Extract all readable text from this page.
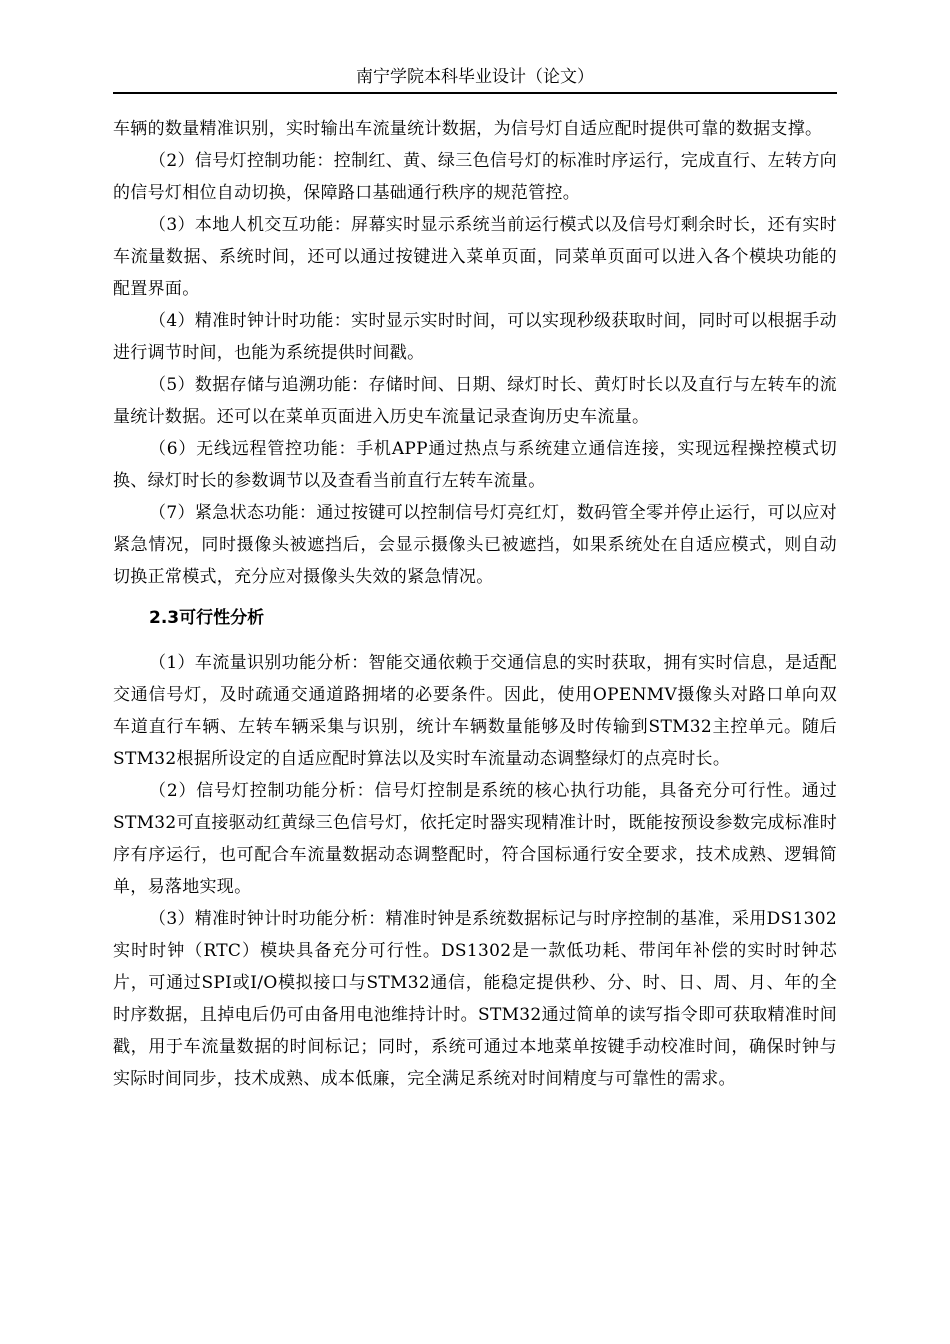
南宁学院本科毕业设计（论文）

车辆的数量精准识别，实时输出车流量统计数据，为信号灯自适应配时提供可靠的数据支撑。

（2）信号灯控制功能：控制红、黄、绿三色信号灯的标准时序运行，完成直行、左转方向的信号灯相位自动切换，保障路口基础通行秩序的规范管控。

（3）本地人机交互功能：屏幕实时显示系统当前运行模式以及信号灯剩余时长，还有实时车流量数据、系统时间，还可以通过按键进入菜单页面，同菜单页面可以进入各个模块功能的配置界面。

（4）精准时钟计时功能：实时显示实时时间，可以实现秒级获取时间，同时可以根据手动进行调节时间，也能为系统提供时间戳。

（5）数据存储与追溯功能：存储时间、日期、绿灯时长、黄灯时长以及直行与左转车的流量统计数据。还可以在菜单页面进入历史车流量记录查询历史车流量。

（6）无线远程管控功能：手机APP通过热点与系统建立通信连接，实现远程操控模式切换、绿灯时长的参数调节以及查看当前直行左转车流量。

（7）紧急状态功能：通过按键可以控制信号灯亮红灯，数码管全零并停止运行，可以应对紧急情况，同时摄像头被遮挡后，会显示摄像头已被遮挡，如果系统处在自适应模式，则自动切换正常模式，充分应对摄像头失效的紧急情况。

2.3可行性分析

（1）车流量识别功能分析：智能交通依赖于交通信息的实时获取，拥有实时信息，是适配交通信号灯，及时疏通交通道路拥堵的必要条件。因此，使用OPENMV摄像头对路口单向双车道直行车辆、左转车辆采集与识别，统计车辆数量能够及时传输到STM32主控单元。随后STM32根据所设定的自适应配时算法以及实时车流量动态调整绿灯的点亮时长。

（2）信号灯控制功能分析：信号灯控制是系统的核心执行功能，具备充分可行性。通过STM32可直接驱动红黄绿三色信号灯，依托定时器实现精准计时，既能按预设参数完成标准时序有序运行，也可配合车流量数据动态调整配时，符合国标通行安全要求，技术成熟、逻辑简单，易落地实现。

（3）精准时钟计时功能分析：精准时钟是系统数据标记与时序控制的基准，采用DS1302实时时钟（RTC）模块具备充分可行性。DS1302是一款低功耗、带闰年补偿的实时时钟芯片，可通过SPI或I/O模拟接口与STM32通信，能稳定提供秒、分、时、日、周、月、年的全时序数据，且掉电后仍可由备用电池维持计时。STM32通过简单的读写指令即可获取精准时间戳，用于车流量数据的时间标记；同时，系统可通过本地菜单按键手动校准时间，确保时钟与实际时间同步，技术成熟、成本低廉，完全满足系统对时间精度与可靠性的需求。
